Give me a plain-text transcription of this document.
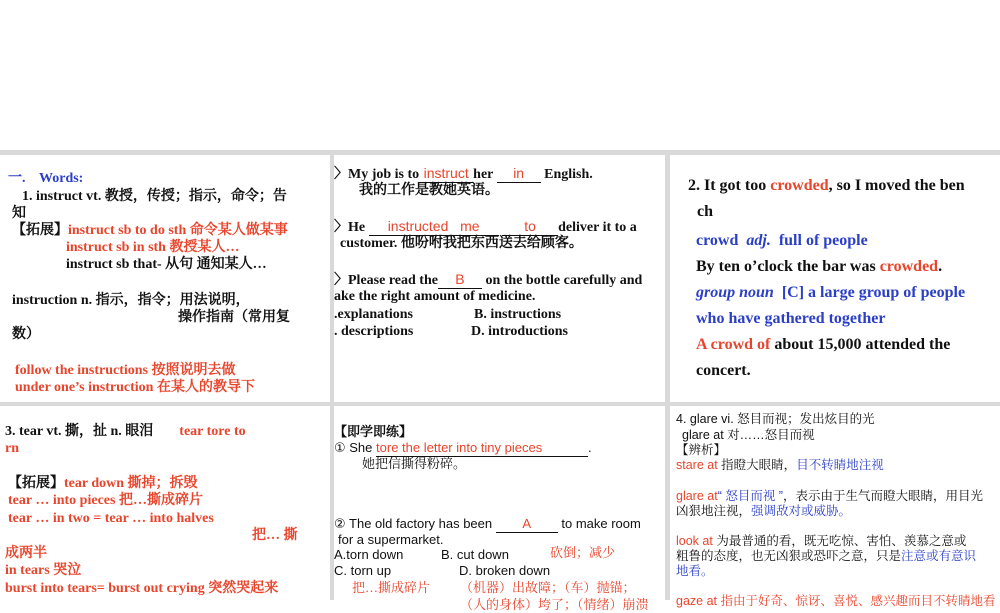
一. Words:
1. instruct vt. 教授，传授；指示，命令；告
知
【拓展】instruct sb to do sth 命令某人做某事
instruct sb in sth 教授某人…
instruct sb that- 从句 通知某人…
instruction n. 指示，指令；用法说明，
操作指南（常用复
数）
follow the instructions 按照说明去做
under one’s instruction 在某人的教导下
〉My job is to instruct her in English.
我的工作是教她英语。
〉He instructed me	to deliver it to a
customer. 他吩咐我把东西送去给顾客。
〉Please read the B on the bottle carefully and
ake the right amount of medicine.
.explanations	B. instructions
. descriptions	D. introductions
2. It got too crowded, so I moved the ben
ch
crowd adj. full of people
By ten o’clock the bar was crowded.
group noun [C] a large group of people
who have gathered together
A crowd of about 15,000 attended the
concert.
3. tear vt. 撕，扯 n. 眼泪 tear tore to
rn
【拓展】tear down 撕掉；拆毁
tear … into pieces 把…撕成碎片
tear … in two = tear … into halves
把… 撕
成两半
in tears 哭泣
burst into tears= burst out crying 突然哭起来
【即学即练】
① She tore the letter into tiny pieces	.
她把信撕得粉碎。
② The old factory has been A to make room
for a supermarket.
A.torn down	B. cut down	砍倒；减少
C. torn up	D. broken down
把…撕成碎片 （机器）出故障；（车）抛锚；
（人的身体）垮了；（情绪）崩溃
4. glare vi. 怒目而视；发出炫目的光
glare at 对……怒目而视
【辨析】
stare at 指瞪大眼睛，目不转睛地注视
glare at“ 怒目而视 ”，表示由于生气而瞪大眼睛，用目光
凶狠地注视，强调敌对或威胁。
look at 为最普通的看，既无吃惊、害怕、羡慕之意或
粗鲁的态度，也无凶狠或恐吓之意，只是注意或有意识
地看。
gaze at 指由于好奇、惊讶、喜悦、感兴趣而目不转睛地看
